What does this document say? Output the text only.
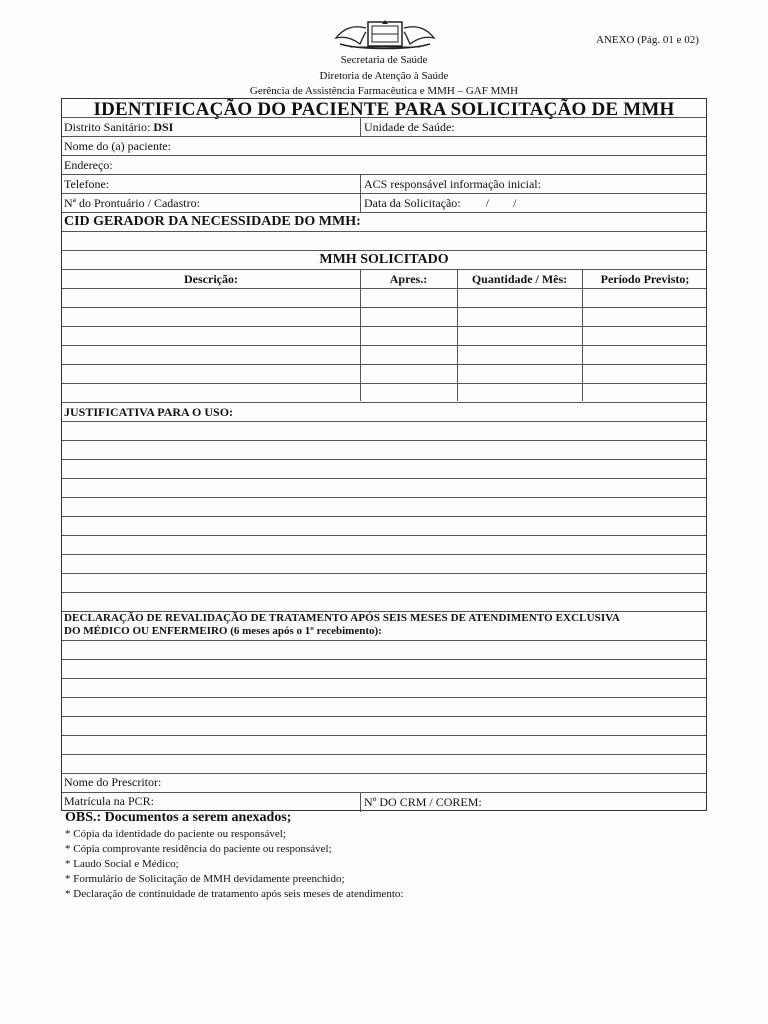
ANEXO (Pág. 01 e 02)
Secretaria de Saúde
Diretoria de Atenção à Saúde
Gerência de Assistência Farmacêutica e MMH – GAF MMH
IDENTIFICAÇÃO DO PACIENTE PARA SOLICITAÇÃO DE MMH
Distrito Sanitário: DSI	Unidade de Saúde:
Nome do (a) paciente:
Endereço:
Telefone:	ACS responsável informação inicial:
Nª do Prontuário / Cadastro:	Data da Solicitação: /        /
CID GERADOR DA NECESSIDADE DO MMH:
MMH SOLICITADO
Descrição:	Apres.:	Quantidade / Mês:	Período Previsto;
JUSTIFICATIVA PARA O USO:
DECLARAÇÃO DE REVALIDAÇÃO DE TRATAMENTO APÓS SEIS MESES DE ATENDIMENTO EXCLUSIVA
DO MÉDICO OU ENFERMEIRO (6 meses após o 1º recebimento):
Nome do Prescritor:
Matrícula na PCR:	Nº DO CRM / COREM:
OBS.: Documentos a serem anexados;
* Cópia da identidade do paciente ou responsável;
* Cópia comprovante residência do paciente ou responsável;
* Laudo Social e Médico;
* Formulário de Solicitação de MMH devidamente preenchido;
* Declaração de continuidade de tratamento após seis meses de atendimento:
